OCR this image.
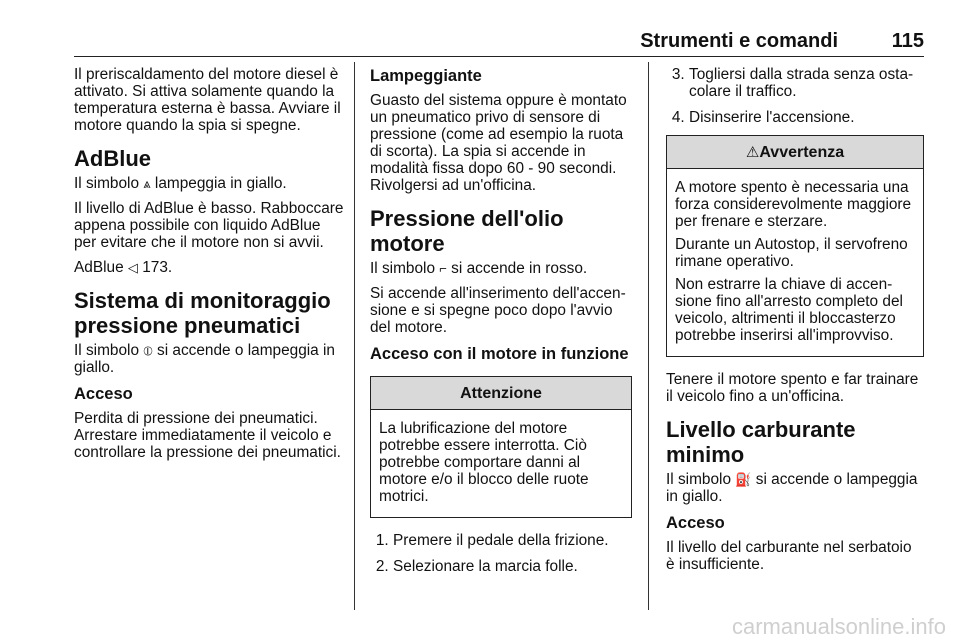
Strumenti e comandi	115

Il preriscaldamento del motore diesel è attivato. Si attiva solamente quando la temperatura esterna è bassa. Avviare il motore quando la spia si spegne.

AdBlue

Il simbolo ⩓ lampeggia in giallo.

Il livello di AdBlue è basso. Rabboccare appena possibile con liquido AdBlue per evitare che il motore non si avvii.

AdBlue ◁ 173.

Sistema di monitoraggio pressione pneumatici

Il simbolo ⦶ si accende o lampeggia in giallo.

Acceso

Perdita di pressione dei pneumatici. Arrestare immediatamente il veicolo e controllare la pressione dei pneumatici.

Lampeggiante

Guasto del sistema oppure è montato un pneumatico privo di sensore di pressione (come ad esempio la ruota di scorta). La spia si accende in modalità fissa dopo 60 - 90 secondi. Rivolgersi ad un'officina.

Pressione dell'olio motore

Il simbolo ⌐ si accende in rosso.

Si accende all'inserimento dell'accensione e si spegne poco dopo l'avvio del motore.

Acceso con il motore in funzione
Attenzione

La lubrificazione del motore potrebbe essere interrotta. Ciò potrebbe comportare danni al motore e/o il blocco delle ruote motrici.

1. Premere il pedale della frizione.
2. Selezionare la marcia folle.
3. Togliersi dalla strada senza ostacolare il traffico.
4. Disinserire l'accensione.
⚠Avvertenza

A motore spento è necessaria una forza considerevolmente maggiore per frenare e sterzare.

Durante un Autostop, il servofreno rimane operativo.

Non estrarre la chiave di accensione fino all'arresto completo del veicolo, altrimenti il bloccasterzo potrebbe inserirsi all'improvviso.

Tenere il motore spento e far trainare il veicolo fino a un'officina.

Livello carburante minimo

Il simbolo ⛽ si accende o lampeggia in giallo.

Acceso

Il livello del carburante nel serbatoio è insufficiente.

carmanualsonline.info
